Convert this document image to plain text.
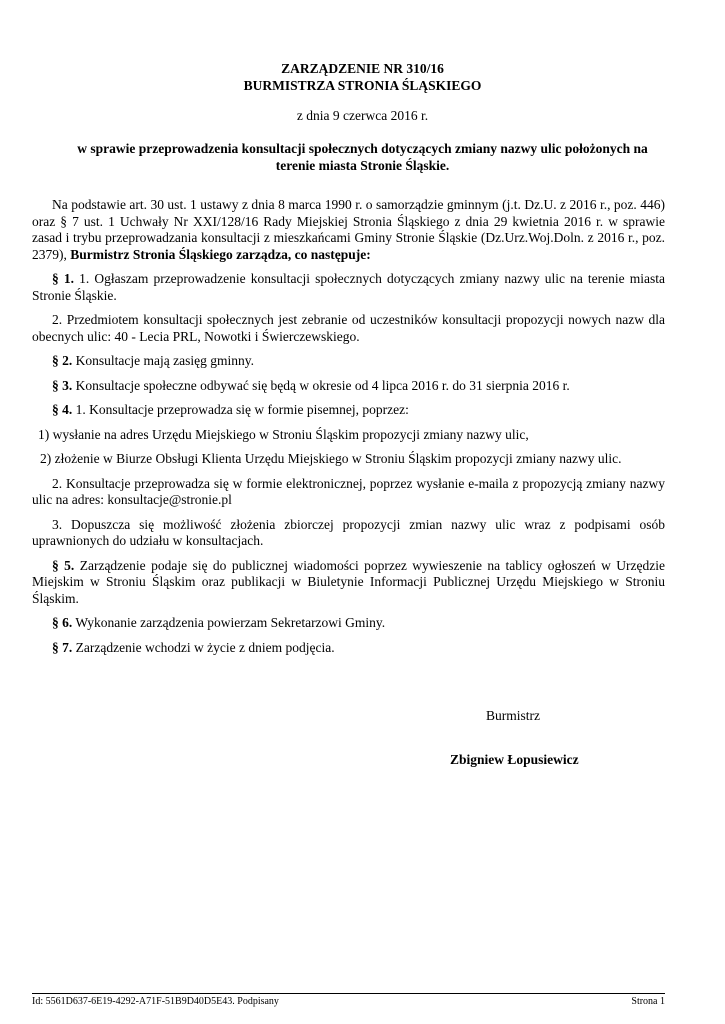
ZARZĄDZENIE NR 310/16
BURMISTRZA STRONIA ŚLĄSKIEGO
z dnia 9 czerwca 2016 r.
w sprawie przeprowadzenia konsultacji społecznych dotyczących zmiany nazwy ulic położonych na
terenie miasta Stronie Śląskie.

Na podstawie art. 30 ust. 1 ustawy z dnia 8 marca 1990 r. o samorządzie gminnym (j.t. Dz.U. z 2016 r., poz. 446) oraz § 7 ust. 1 Uchwały Nr XXI/128/16 Rady Miejskiej Stronia Śląskiego z dnia 29 kwietnia 2016 r. w sprawie zasad i trybu przeprowadzania konsultacji z mieszkańcami Gminy Stronie Śląskie (Dz.Urz.Woj.Doln. z 2016 r., poz. 2379), Burmistrz Stronia Śląskiego zarządza, co następuje:

§ 1. 1. Ogłaszam przeprowadzenie konsultacji społecznych dotyczących zmiany nazwy ulic na terenie miasta Stronie Śląskie.

2. Przedmiotem konsultacji społecznych jest zebranie od uczestników konsultacji propozycji nowych nazw dla obecnych ulic: 40 - Lecia PRL, Nowotki i Świerczewskiego.

§ 2. Konsultacje mają zasięg gminny.

§ 3. Konsultacje społeczne odbywać się będą w okresie od 4 lipca 2016 r. do 31 sierpnia 2016 r.

§ 4. 1. Konsultacje przeprowadza się w formie pisemnej, poprzez:

1) wysłanie na adres Urzędu Miejskiego w Stroniu Śląskim propozycji zmiany nazwy ulic,

2) złożenie w Biurze Obsługi Klienta Urzędu Miejskiego w Stroniu Śląskim propozycji zmiany nazwy ulic.

2. Konsultacje przeprowadza się w formie elektronicznej, poprzez wysłanie e-maila z propozycją zmiany nazwy ulic na adres: konsultacje@stronie.pl

3. Dopuszcza się możliwość złożenia zbiorczej propozycji zmian nazwy ulic wraz z podpisami osób uprawnionych do udziału w konsultacjach.

§ 5. Zarządzenie podaje się do publicznej wiadomości poprzez wywieszenie na tablicy ogłoszeń w Urzędzie Miejskim w Stroniu Śląskim oraz publikacji w Biuletynie Informacji Publicznej Urzędu Miejskiego w Stroniu Śląskim.

§ 6. Wykonanie zarządzenia powierzam Sekretarzowi Gminy.

§ 7. Zarządzenie wchodzi w życie z dniem podjęcia.

Burmistrz
Zbigniew Łopusiewicz
Id: 5561D637-6E19-4292-A71F-51B9D40D5E43. Podpisany	Strona 1
